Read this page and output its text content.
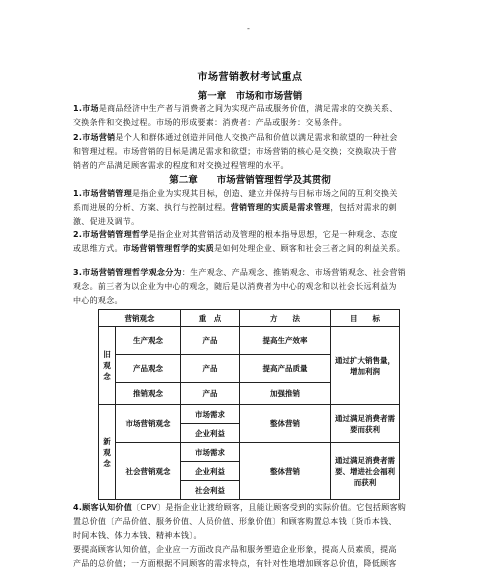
-
市场营销教材考试重点
第一章　市场和市场营销
1.市场是商品经济中生产者与消费者之间为实现产品或服务价值，满足需求的交换关系、
交换条件和交换过程。市场的形成要素：消费者：产品或服务：交易条件。
2.市场营销是个人和群体通过创造并同他人交换产品和价值以满足需求和欲望的一种社会
和管理过程。市场营销的目标是满足需求和欲望；市场营销的核心是交换；交换取决于营
销者的产品满足顾客需求的程度和对交换过程管理的水平。
第二章　　市场营销管理哲学及其贯彻
1.市场营销管理是指企业为实现其目标，创造、建立并保持与目标市场之间的互利交换关
系而进展的分析、方案、执行与控制过程。营销管理的实质是需求管理，包括对需求的刺
激、促进及调节。
2.市场营销管理哲学是指企业对其营销活动及管理的根本指导思想，它是一种观念、态度
或思维方式。市场营销管理哲学的实质是如何处理企业、顾客和社会三者之间的利益关系。
3.市场营销管理哲学观念分为：生产观念、产品观念、推销观念、市场营销观念、社会营销
观念。前三者为以企业为中心的观念，随后是以消费者为中心的观念和以社会长远利益为
中心的观念。
营销观念		重　点	方　　法	目　　标
旧观念	生产观念	产品	提高生产效率	通过扩大销售量，增加利润
	产品观念	产品	提高产品质量	
	推销观念	产品	加强推销	
新观念	市场营销观念	市场需求	整体营销	通过满足消费者需要而获利
		企业利益		
	社会营销观念	市场需求	整体营销	通过满足消费者需要、增进社会福利而获利
		企业利益		
		社会利益		
4.顾客认知价值〔CPV〕是指企业让渡给顾客，且能让顾客受到的实际价值。它包括顾客购
置总价值〔产品价值、服务价值、人员价值、形象价值〕和顾客购置总本钱〔货币本钱、
时间本钱、体力本钱、精神本钱〕。
要提高顾客认知价值，企业应一方面改良产品和服务塑造企业形象，提高人员素质，提高
产品的总价值；一方面根据不同顾客的需求特点，有针对性地增加顾客总价值，降低顾客
